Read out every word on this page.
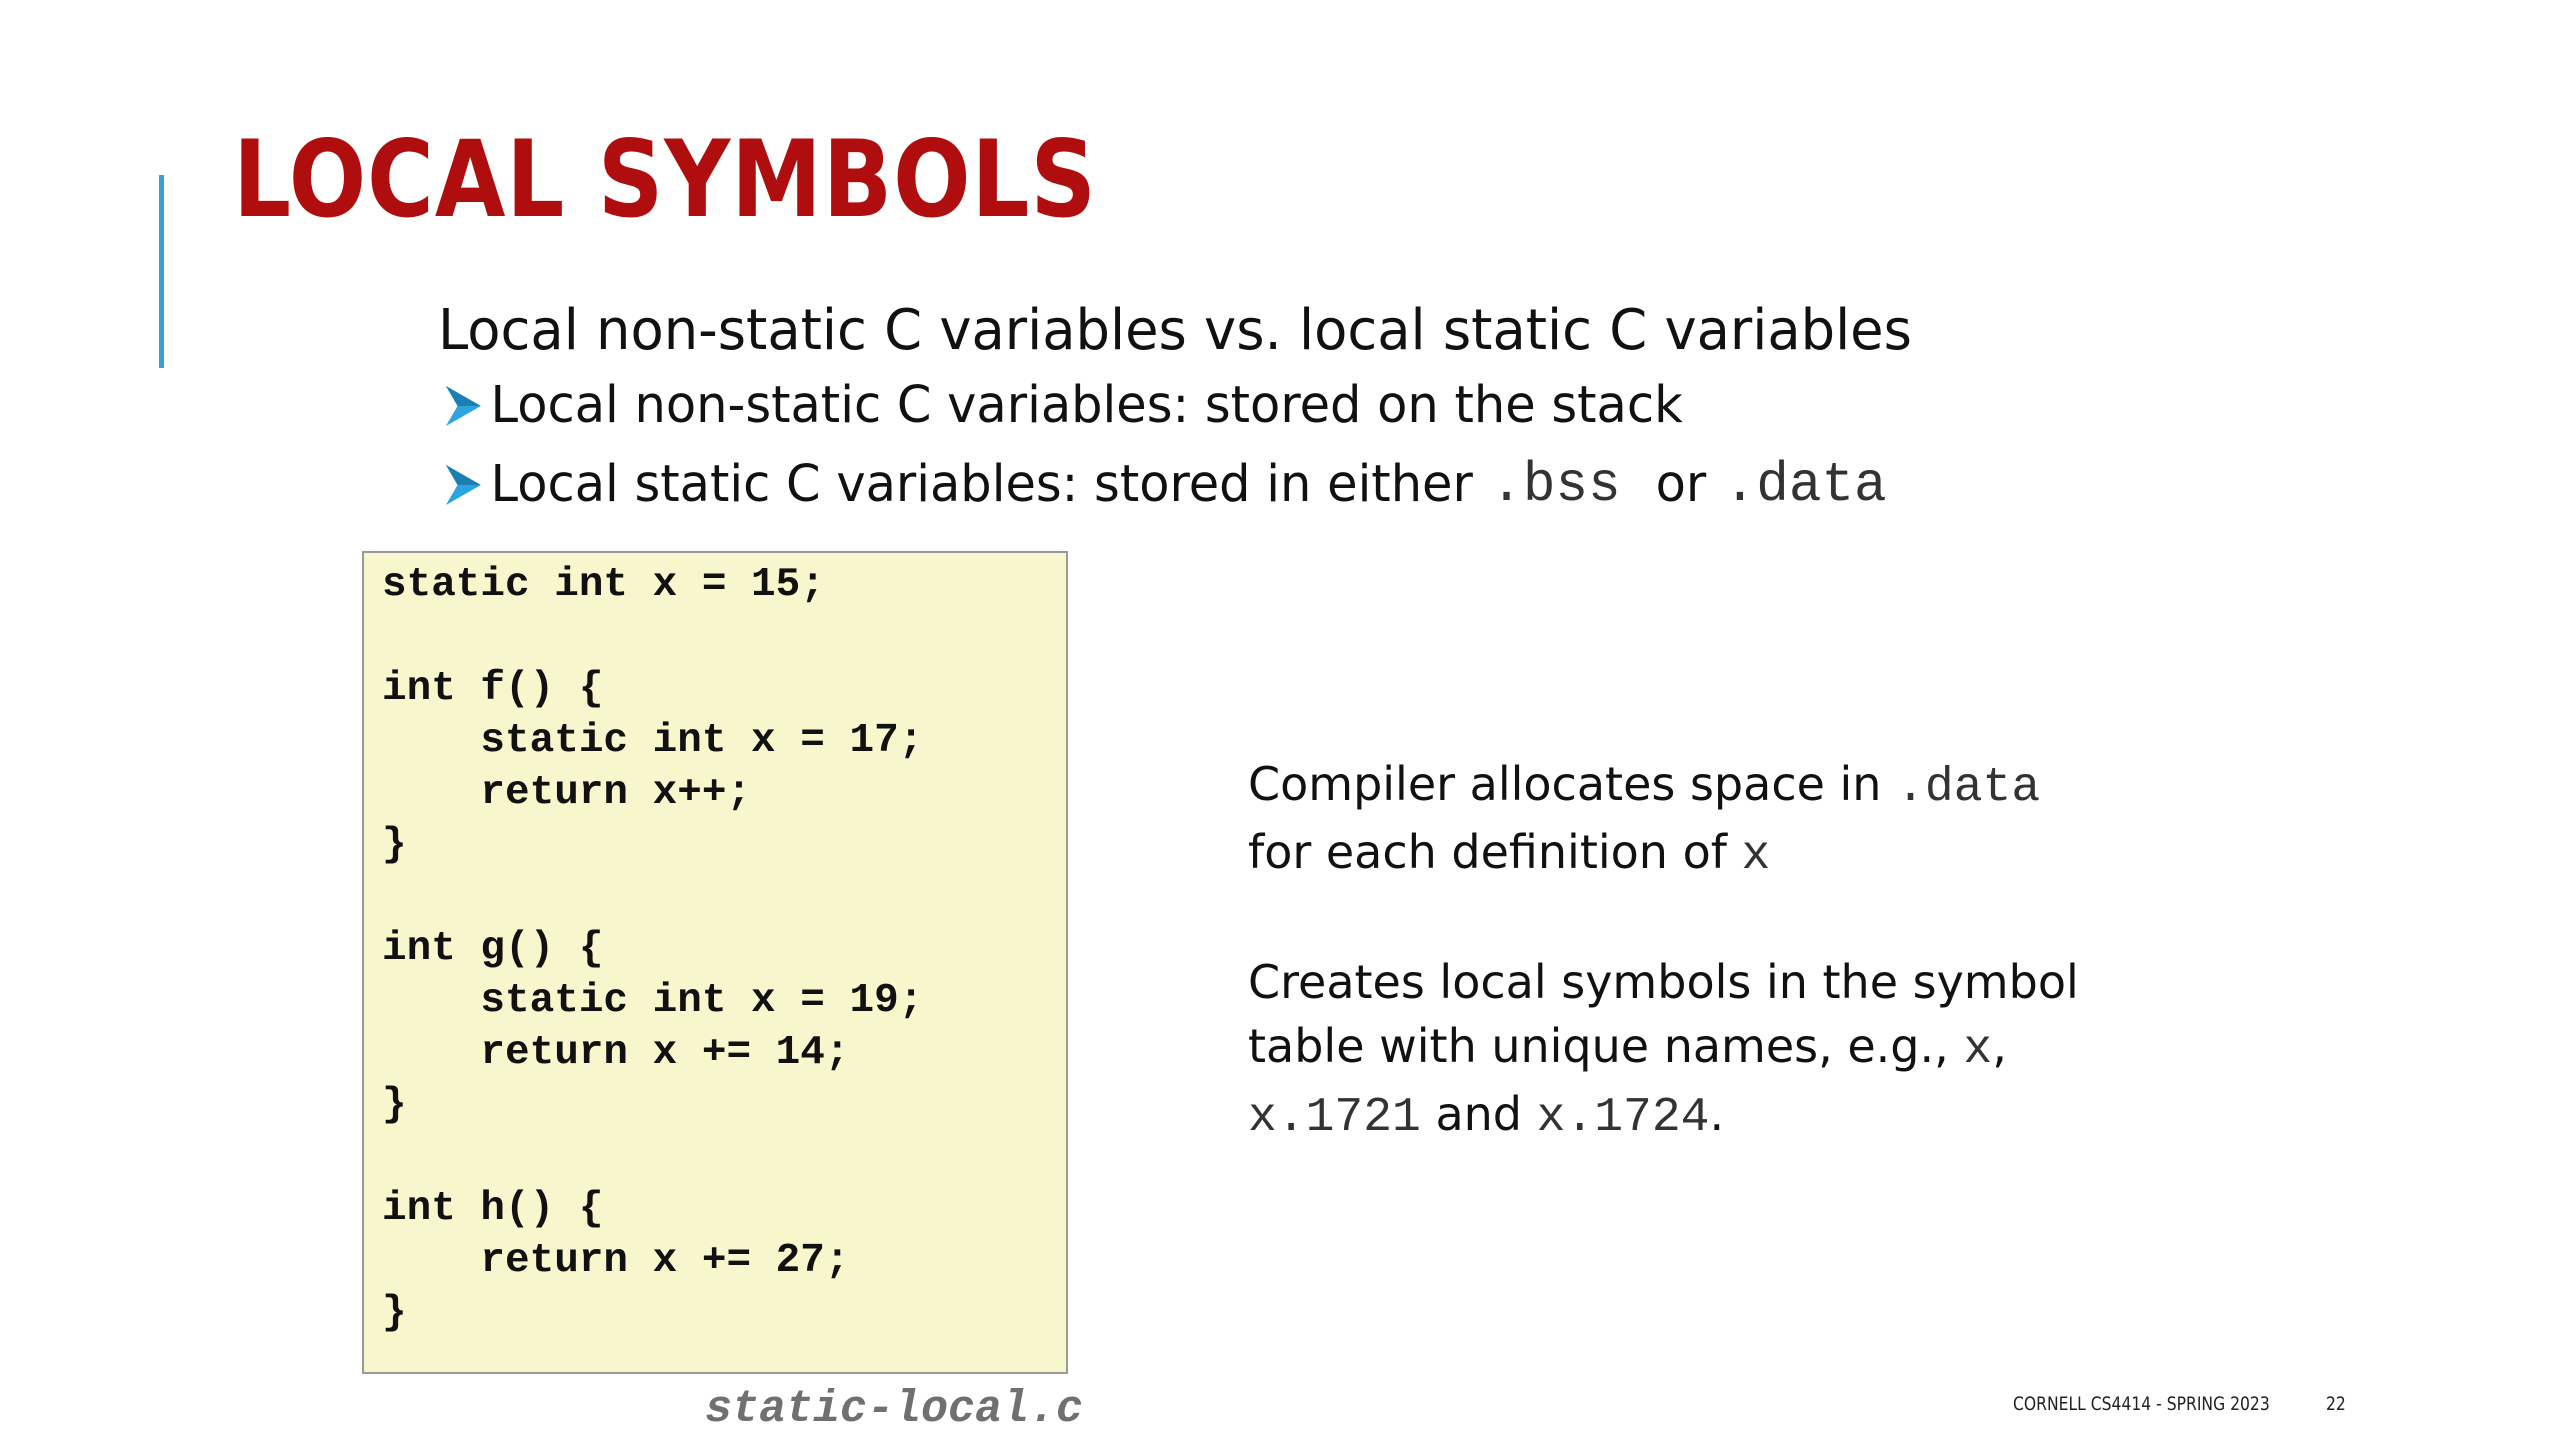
LOCAL SYMBOLS
Local non-static C variables vs. local static C variables
Local non-static C variables: stored on the stack
Local static C variables: stored in either .bss or .data
static int x = 15;
int f() {
static int x = 17;
return x++;
}
int g() {
static int x = 19;
return x += 14;
}
int h() {
return x += 27;
}
static-local.c
Compiler allocates space in .data  for each definition of x
Creates local symbols in the symbol table with unique names, e.g., x, x.1721 and x.1724.
CORNELL CS4414 - SPRING 2023	22
